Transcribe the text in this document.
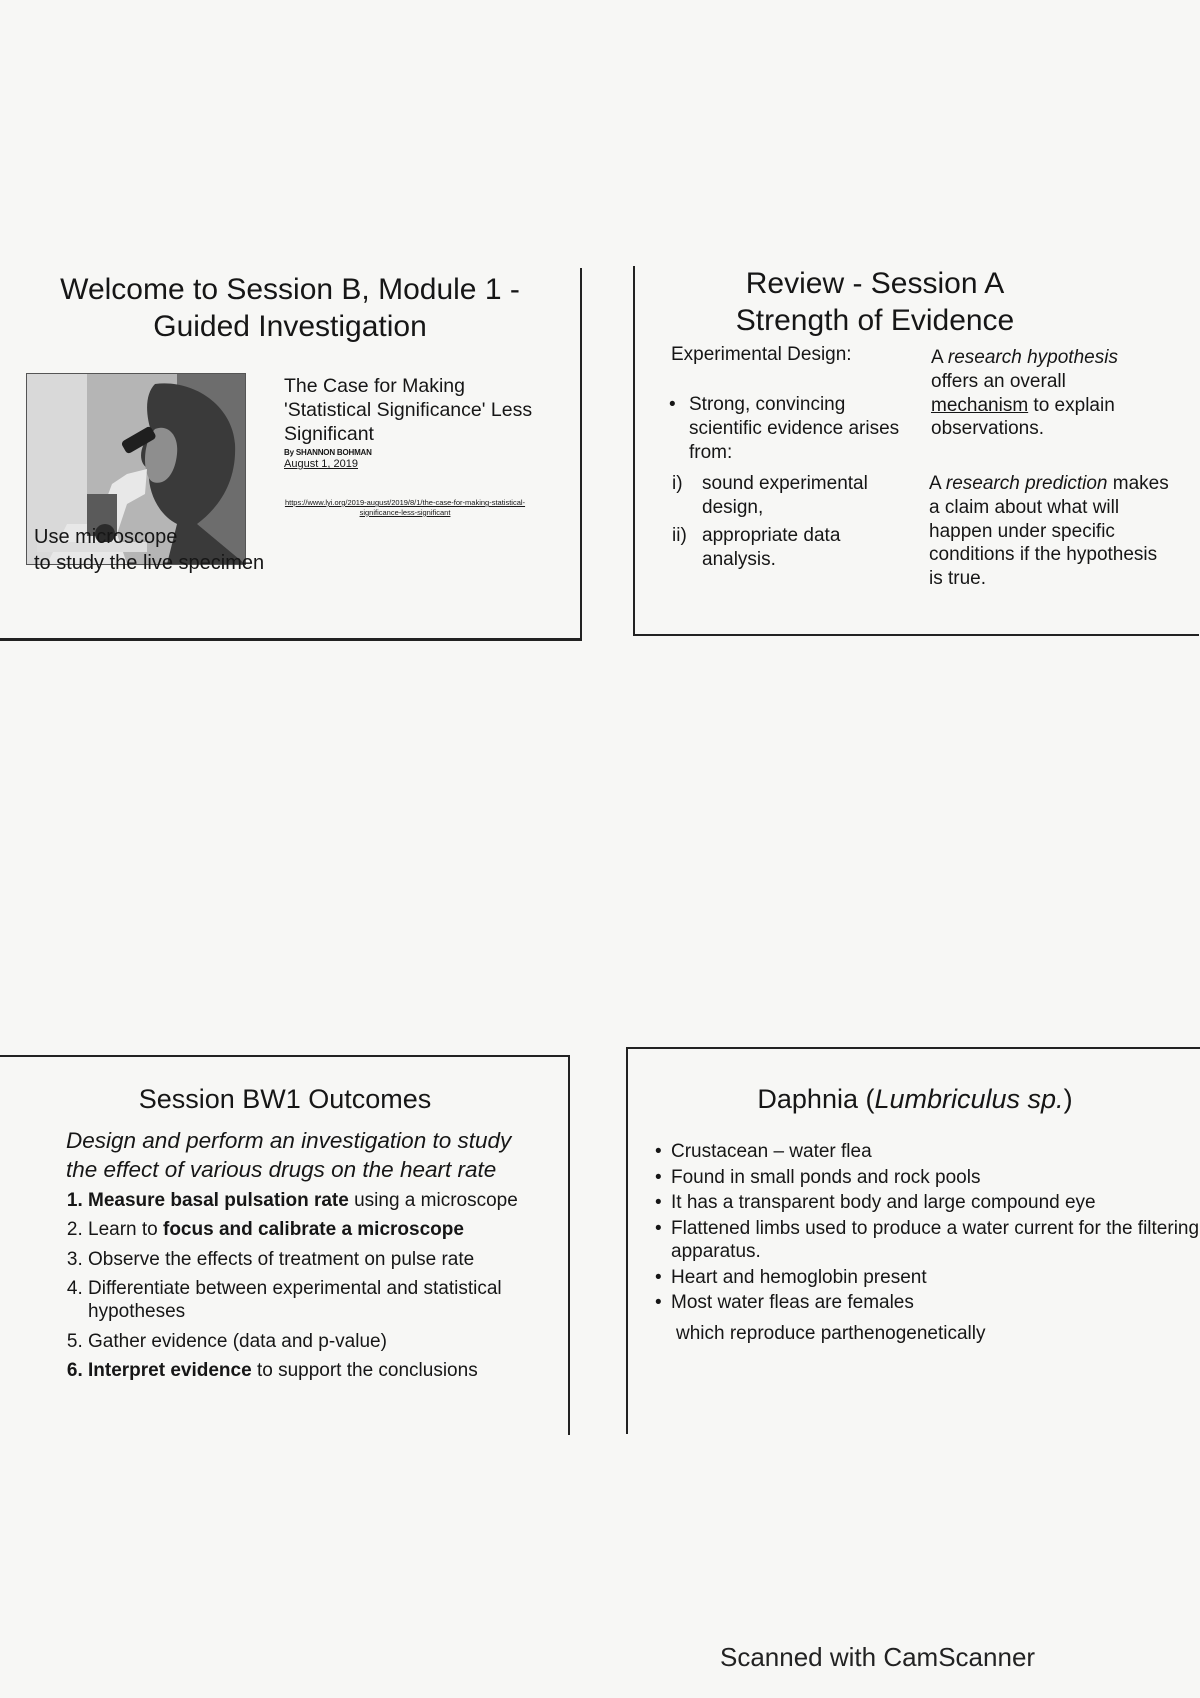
Welcome to Session B, Module 1 -
Guided Investigation
Use microscope
to study the live specimen
The Case for Making 'Statistical Significance' Less Significant
By SHANNON BOHMAN
August 1, 2019
https://www.lyi.org/2019-august/2019/8/1/the-case-for-making-statistical-significance-less-significant
Review - Session A
Strength of Evidence
Experimental Design:
• Strong, convincing scientific evidence arises from:
i) sound experimental design,
ii) appropriate data analysis.
A research hypothesis offers an overall mechanism to explain observations.
A research prediction makes a claim about what will happen under specific conditions if the hypothesis is true.
Session BW1 Outcomes
Design and perform an investigation to study the effect of various drugs on the heart rate
1. Measure basal pulsation rate using a microscope
2. Learn to focus and calibrate a microscope
3. Observe the effects of treatment on pulse rate
4. Differentiate between experimental and statistical hypotheses
5. Gather evidence (data and p-value)
6. Interpret evidence to support the conclusions
Daphnia (Lumbriculus sp.)
• Crustacean – water flea
• Found in small ponds and rock pools
• It has a transparent body and large compound eye
• Flattened limbs used to produce a water current for the filtering apparatus.
• Heart and hemoglobin present
• Most water fleas are females
which reproduce parthenogenetically
Scanned with CamScanner
